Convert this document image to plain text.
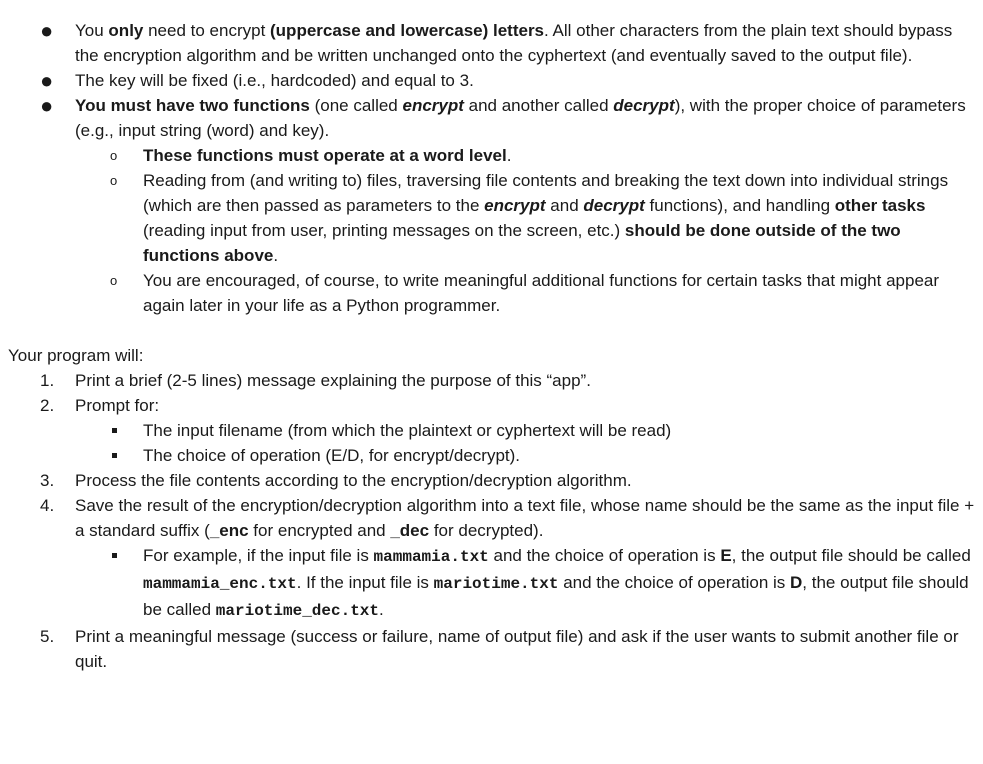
● You only need to encrypt (uppercase and lowercase) letters. All other characters from the plain text should bypass the encryption algorithm and be written unchanged onto the cyphertext (and eventually saved to the output file).
● The key will be fixed (i.e., hardcoded) and equal to 3.
● You must have two functions (one called encrypt and another called decrypt), with the proper choice of parameters (e.g., input string (word) and key).
o These functions must operate at a word level.
o Reading from (and writing to) files, traversing file contents and breaking the text down into individual strings (which are then passed as parameters to the encrypt and decrypt functions), and handling other tasks (reading input from user, printing messages on the screen, etc.) should be done outside of the two functions above.
o You are encouraged, of course, to write meaningful additional functions for certain tasks that might appear again later in your life as a Python programmer.
Your program will:
1. Print a brief (2-5 lines) message explaining the purpose of this “app”.
2. Prompt for:
The input filename (from which the plaintext or cyphertext will be read)
The choice of operation (E/D, for encrypt/decrypt).
3. Process the file contents according to the encryption/decryption algorithm.
4. Save the result of the encryption/decryption algorithm into a text file, whose name should be the same as the input file + a standard suffix (_enc for encrypted and _dec for decrypted).
For example, if the input file is mammamia.txt and the choice of operation is E, the output file should be called mammamia_enc.txt. If the input file is mariotime.txt and the choice of operation is D, the output file should be called mariotime_dec.txt.
5. Print a meaningful message (success or failure, name of output file) and ask if the user wants to submit another file or quit.
